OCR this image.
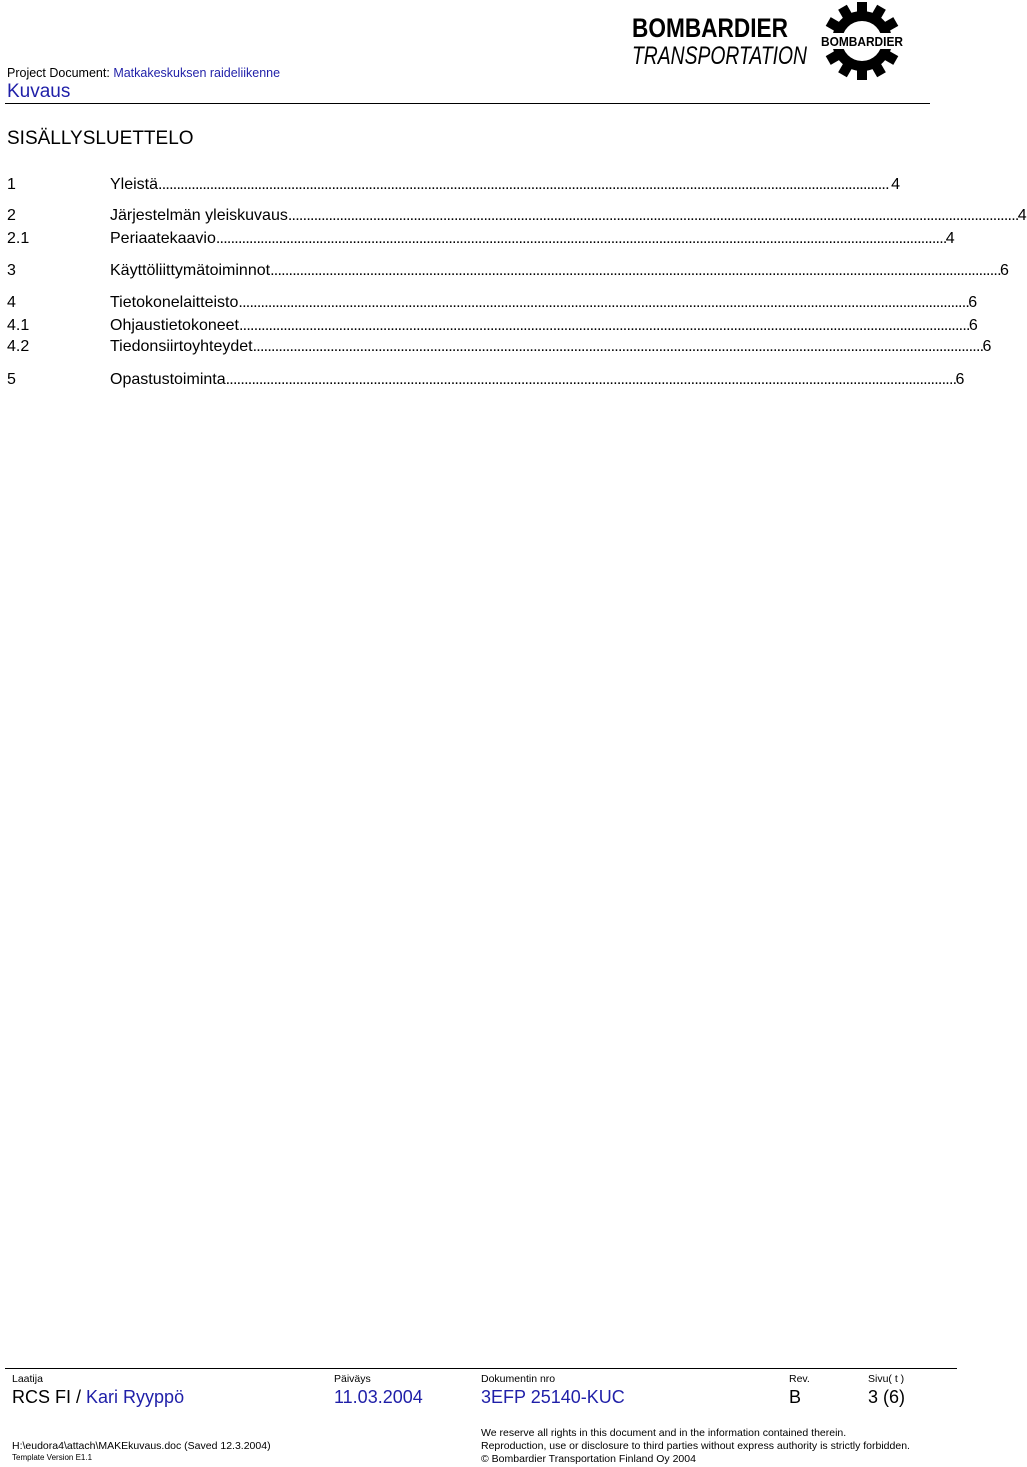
Project Document: Matkakeskuksen raideliikenne
Kuvaus
BOMBARDIER
TRANSPORTATION
BOMBARDIER
SISÄLLYSLUETTELO
1	Yleistä . . .	4
2	Järjestelmän yleiskuvaus . . .	4
2.1	Periaatekaavio . . .	4
3	Käyttöliittymätoiminnot . . .	6
4	Tietokonelaitteisto . . .	6
4.1	Ohjaustietokoneet . . .	6
4.2	Tiedonsiirtoyhteydet . . .	6
5	Opastustoiminta . . .	6
Laatija	Päiväys	Dokumentin nro	Rev.	Sivu( t )
RCS FI / Kari Ryyppö	11.03.2004	3EFP 25140-KUC	B	3 (6)
H:\eudora4\attach\MAKEkuvaus.doc (Saved 12.3.2004)
Template Version E1.1
We reserve all rights in this document and in the information contained therein.
Reproduction, use or disclosure to third parties without express authority is strictly forbidden.
© Bombardier Transportation Finland Oy 2004
